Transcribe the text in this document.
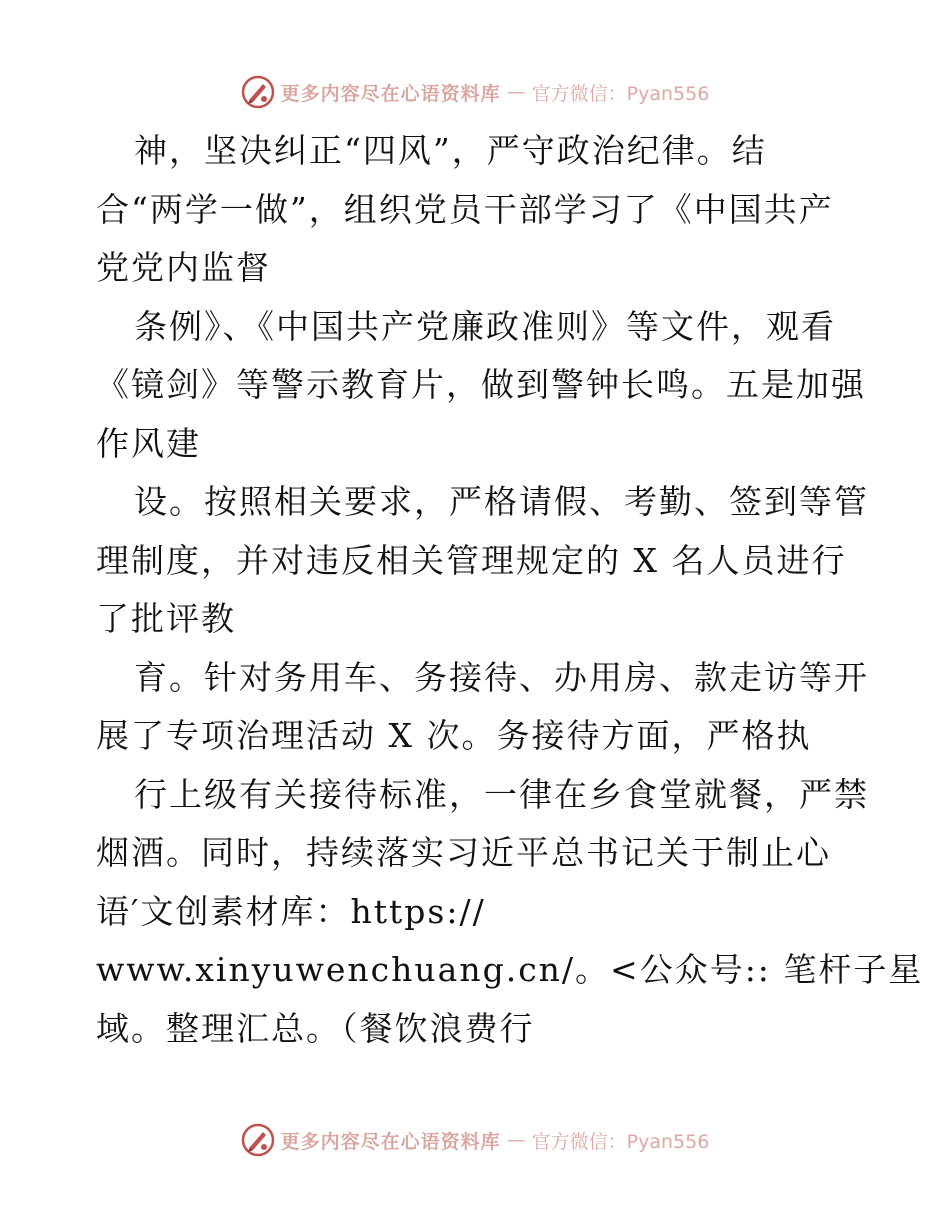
更多内容尽在心语资料库 — 官方微信：Pyan556
神，坚决纠正“四风”，严守政治纪律。结
合“两学一做”，组织党员干部学习了《中国共产
党党内监督
条例》、《中国共产党廉政准则》等文件，观看
《镜剑》等警示教育片，做到警钟长鸣。五是加强
作风建
设。按照相关要求，严格请假、考勤、签到等管
理制度，并对违反相关管理规定的 X 名人员进行
了批评教
育。针对务用车、务接待、办用房、款走访等开
展了专项治理活动 X 次。务接待方面，严格执
行上级有关接待标准，一律在乡食堂就餐，严禁
烟酒。同时，持续落实习近平总书记关于制止心
语′文创素材库：https://
www.xinyuwenchuang.cn/。<公众号:: 笔杆子星
域。整理汇总。（餐饮浪费行
更多内容尽在心语资料库 — 官方微信：Pyan556
